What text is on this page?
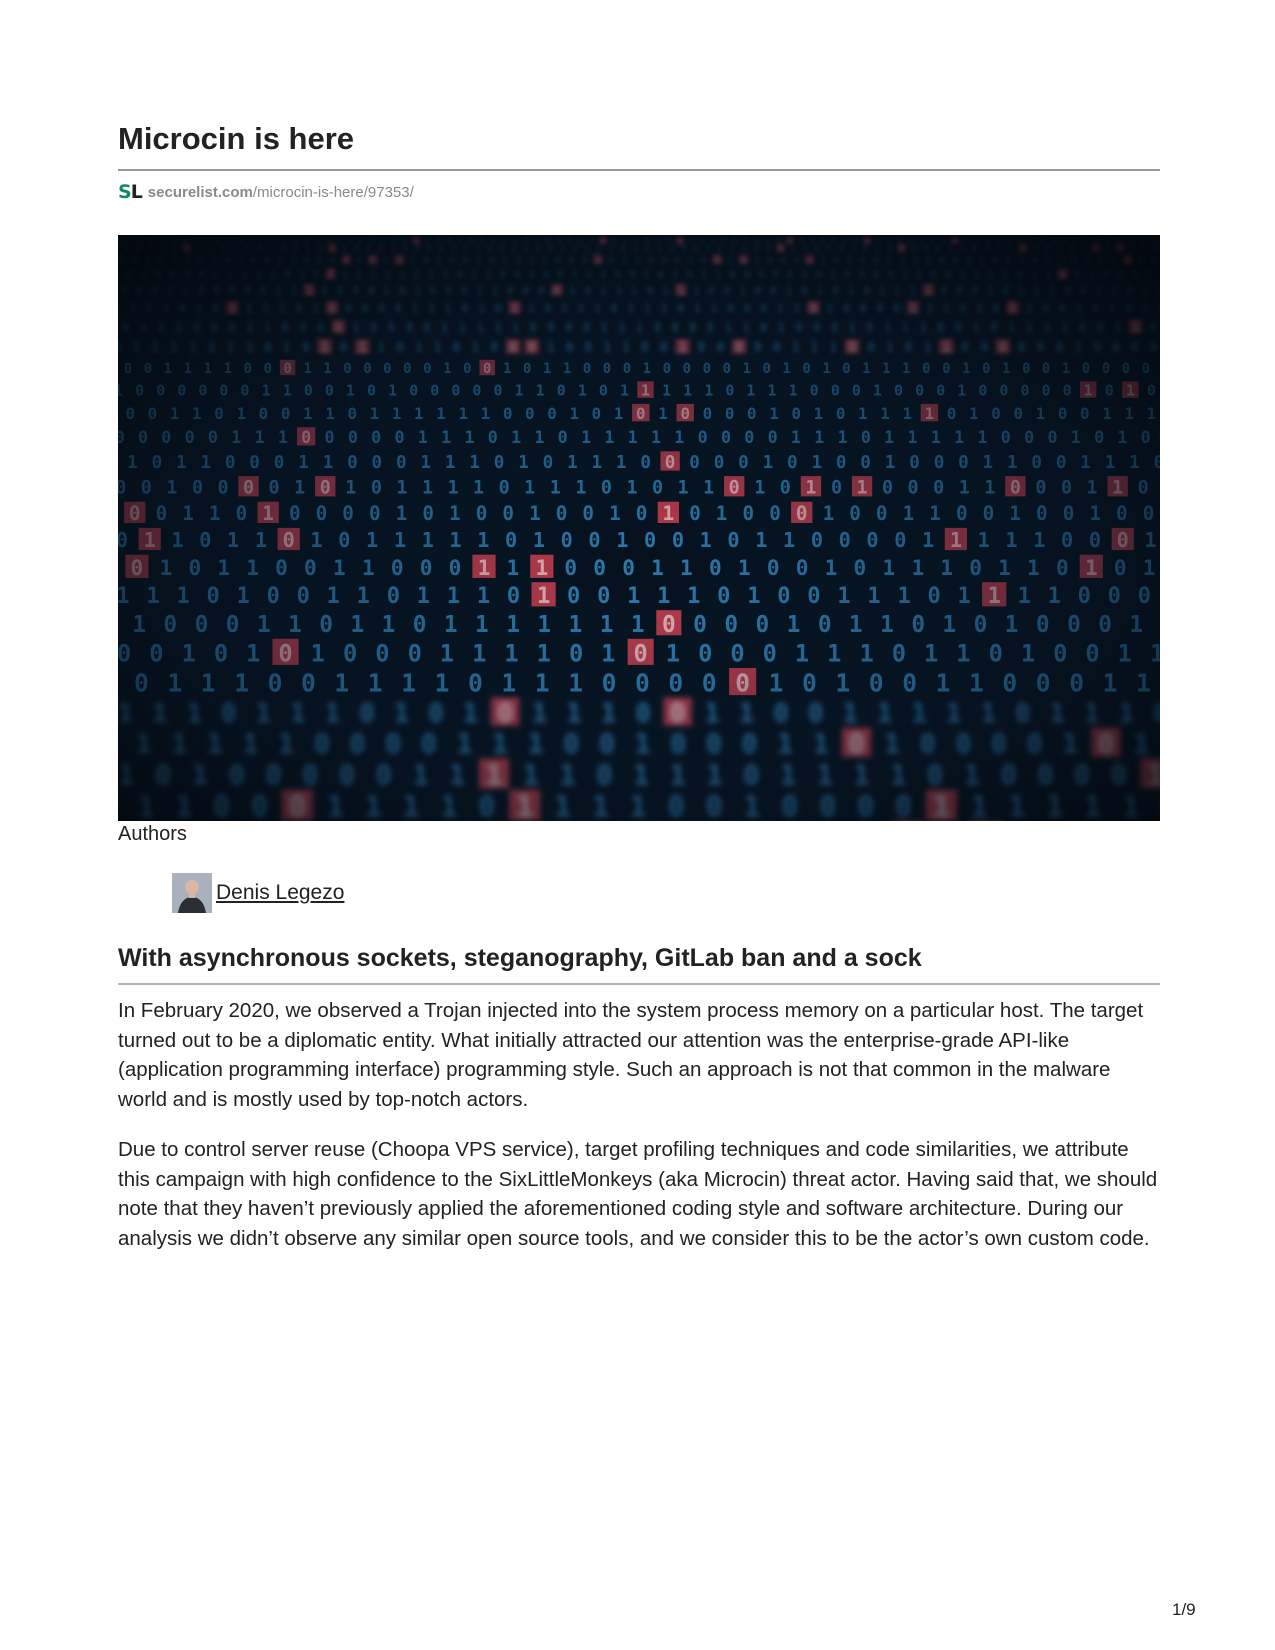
Microcin is here
SL securelist.com/microcin-is-here/97353/
Authors
Denis Legezo
With asynchronous sockets, steganography, GitLab ban and a sock

In February 2020, we observed a Trojan injected into the system process memory on a particular host. The target turned out to be a diplomatic entity. What initially attracted our attention was the enterprise-grade API-like (application programming interface) programming style. Such an approach is not that common in the malware world and is mostly used by top-notch actors.

Due to control server reuse (Choopa VPS service), target profiling techniques and code similarities, we attribute this campaign with high confidence to the SixLittleMonkeys (aka Microcin) threat actor. Having said that, we should note that they haven’t previously applied the aforementioned coding style and software architecture. During our analysis we didn’t observe any similar open source tools, and we consider this to be the actor’s own custom code.

1/9
